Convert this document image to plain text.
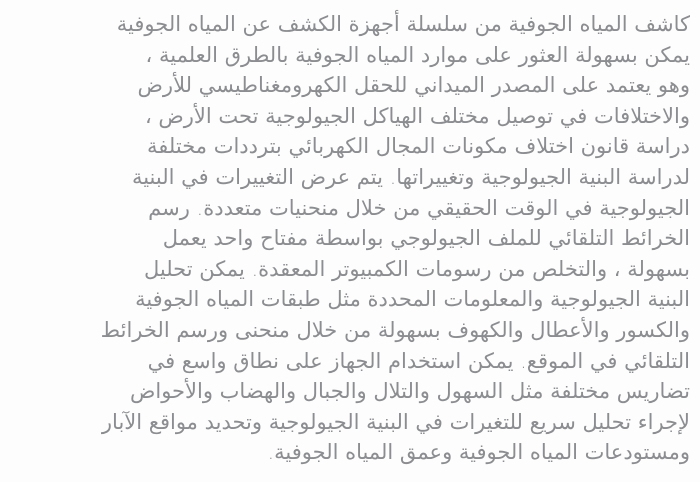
كاشف المياه الجوفية من سلسلة أجهزة الكشف عن المياه الجوفية
يمكن بسهولة العثور على موارد المياه الجوفية بالطرق العلمية ،
وهو يعتمد على المصدر الميداني للحقل الكهرومغناطيسي للأرض
والاختلافات في توصيل مختلف الهياكل الجيولوجية تحت الأرض ،
دراسة قانون اختلاف مكونات المجال الكهربائي بترددات مختلفة
لدراسة البنية الجيولوجية وتغييراتها. يتم عرض التغييرات في البنية
الجيولوجية في الوقت الحقيقي من خلال منحنيات متعددة. رسم
الخرائط التلقائي للملف الجيولوجي بواسطة مفتاح واحد يعمل
بسهولة ، والتخلص من رسومات الكمبيوتر المعقدة. يمكن تحليل
البنية الجيولوجية والمعلومات المحددة مثل طبقات المياه الجوفية
والكسور والأعطال والكهوف بسهولة من خلال منحنى ورسم الخرائط
التلقائي في الموقع. يمكن استخدام الجهاز على نطاق واسع في
تضاريس مختلفة مثل السهول والتلال والجبال والهضاب والأحواض
لإجراء تحليل سريع للتغيرات في البنية الجيولوجية وتحديد مواقع الآبار
ومستودعات المياه الجوفية وعمق المياه الجوفية.
